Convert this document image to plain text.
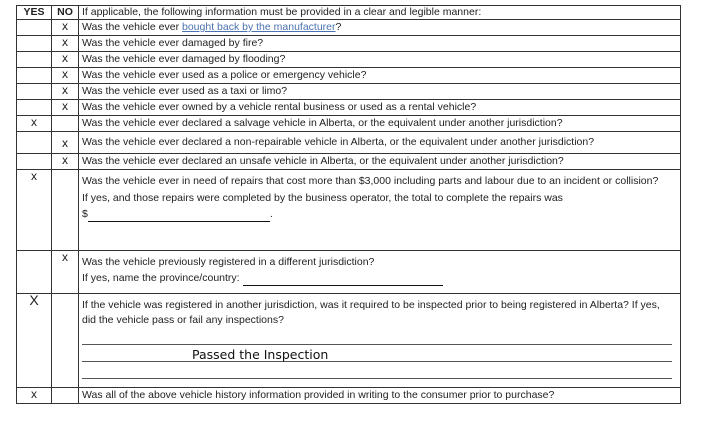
YES	NO	If applicable, the following information must be provided in a clear and legible manner:
	x	Was the vehicle ever bought back by the manufacturer?
	x	Was the vehicle ever damaged by fire?
	x	Was the vehicle ever damaged by flooding?
	x	Was the vehicle ever used as a police or emergency vehicle?
	x	Was the vehicle ever used as a taxi or limo?
	x	Was the vehicle ever owned by a vehicle rental business or used as a rental vehicle?
x		Was the vehicle ever declared a salvage vehicle in Alberta, or the equivalent under another jurisdiction?
	x	Was the vehicle ever declared a non-repairable vehicle in Alberta, or the equivalent under another jurisdiction?
	x	Was the vehicle ever declared an unsafe vehicle in Alberta, or the equivalent under another jurisdiction?
x		Was the vehicle ever in need of repairs that cost more than $3,000 including parts and labour due to an incident or collision?
If yes, and those repairs were completed by the business operator, the total to complete the repairs was
$ .

	x	Was the vehicle previously registered in a different jurisdiction?
If yes, name the province/country:

X		If the vehicle was registered in another jurisdiction, was it required to be inspected prior to being registered in Alberta? If yes, did the vehicle pass or fail any inspections?
Passed the Inspection

x		Was all of the above vehicle history information provided in writing to the consumer prior to purchase?
